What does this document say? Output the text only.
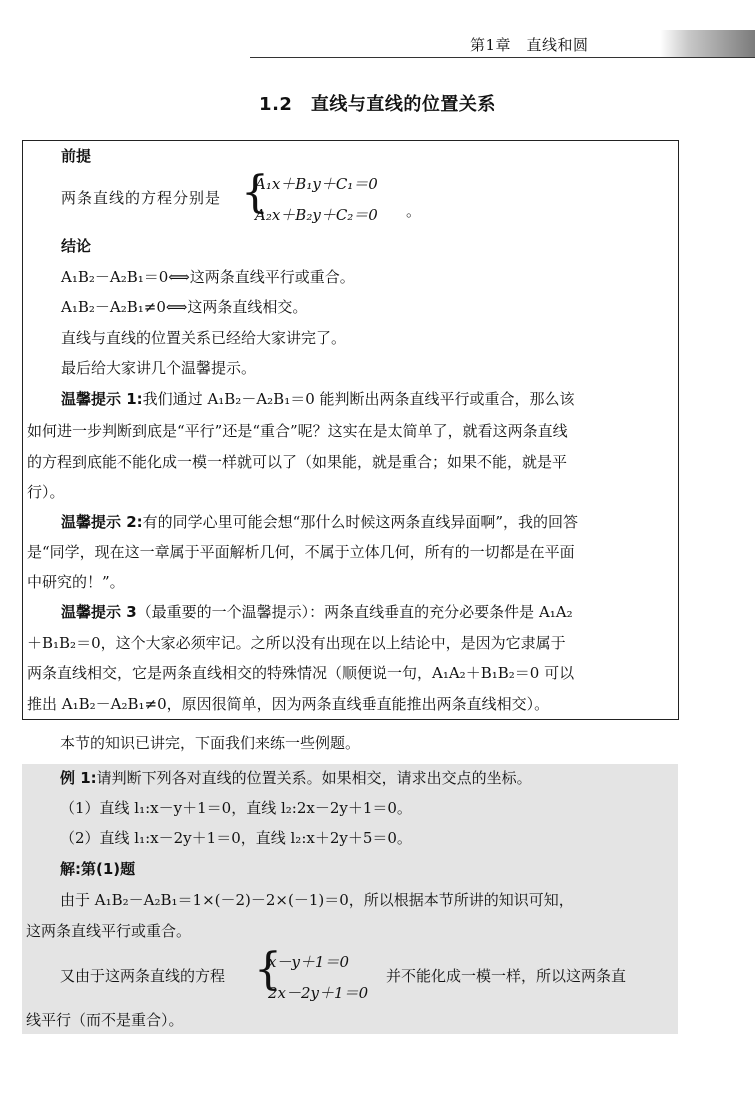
第1章　直线和圆
1.2　直线与直线的位置关系
前提
两条直线的方程分别是 {
A₁x＋B₁y＋C₁＝0
A₂x＋B₂y＋C₂＝0 。
结论
A₁B₂－A₂B₁＝0⟺这两条直线平行或重合。
A₁B₂－A₂B₁≠0⟺这两条直线相交。
直线与直线的位置关系已经给大家讲完了。
最后给大家讲几个温馨提示。
温馨提示 1:我们通过 A₁B₂－A₂B₁＝0 能判断出两条直线平行或重合，那么该
如何进一步判断到底是“平行”还是“重合”呢？这实在是太简单了，就看这两条直线
的方程到底能不能化成一模一样就可以了（如果能，就是重合；如果不能，就是平
行）。
温馨提示 2:有的同学心里可能会想“那什么时候这两条直线异面啊”，我的回答
是“同学，现在这一章属于平面解析几何，不属于立体几何，所有的一切都是在平面
中研究的！”。
温馨提示 3（最重要的一个温馨提示）：两条直线垂直的充分必要条件是 A₁A₂
＋B₁B₂＝0，这个大家必须牢记。之所以没有出现在以上结论中，是因为它隶属于
两条直线相交，它是两条直线相交的特殊情况（顺便说一句，A₁A₂＋B₁B₂＝0 可以
推出 A₁B₂－A₂B₁≠0，原因很简单，因为两条直线垂直能推出两条直线相交）。
本节的知识已讲完，下面我们来练一些例题。
例 1:请判断下列各对直线的位置关系。如果相交，请求出交点的坐标。
（1）直线 l₁:x－y＋1＝0，直线 l₂:2x－2y＋1＝0。
（2）直线 l₁:x－2y＋1＝0，直线 l₂:x＋2y＋5＝0。
解:第(1)题
由于 A₁B₂－A₂B₁＝1×(－2)－2×(－1)＝0，所以根据本节所讲的知识可知，
这两条直线平行或重合。
又由于这两条直线的方程 {
x－y＋1＝0
2x－2y＋1＝0
并不能化成一模一样，所以这两条直
线平行（而不是重合）。
